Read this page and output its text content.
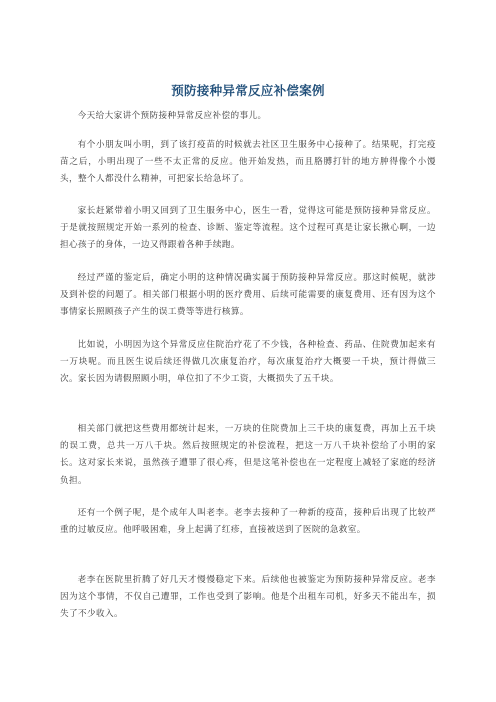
预防接种异常反应补偿案例

今天给大家讲个预防接种异常反应补偿的事儿。

有个小朋友叫小明，到了该打疫苗的时候就去社区卫生服务中心接种了。结果呢，打完疫苗之后，小明出现了一些不太正常的反应。他开始发热，而且胳膊打针的地方肿得像个小馒头，整个人都没什么精神，可把家长给急坏了。

家长赶紧带着小明又回到了卫生服务中心，医生一看，觉得这可能是预防接种异常反应。于是就按照规定开始一系列的检查、诊断、鉴定等流程。这个过程可真是让家长揪心啊，一边担心孩子的身体，一边又得跟着各种手续跑。

经过严谨的鉴定后，确定小明的这种情况确实属于预防接种异常反应。那这时候呢，就涉及到补偿的问题了。相关部门根据小明的医疗费用、后续可能需要的康复费用、还有因为这个事情家长照顾孩子产生的误工费等等进行核算。

比如说，小明因为这个异常反应住院治疗花了不少钱，各种检查、药品、住院费加起来有一万块呢。而且医生说后续还得做几次康复治疗，每次康复治疗大概要一千块，预计得做三次。家长因为请假照顾小明，单位扣了不少工资，大概损失了五千块。

相关部门就把这些费用都统计起来，一万块的住院费加上三千块的康复费，再加上五千块的误工费，总共一万八千块。然后按照规定的补偿流程，把这一万八千块补偿给了小明的家长。这对家长来说，虽然孩子遭罪了很心疼，但是这笔补偿也在一定程度上减轻了家庭的经济负担。

还有一个例子呢，是个成年人叫老李。老李去接种了一种新的疫苗，接种后出现了比较严重的过敏反应。他呼吸困难，身上起满了红疹，直接被送到了医院的急救室。

老李在医院里折腾了好几天才慢慢稳定下来。后续他也被鉴定为预防接种异常反应。老李因为这个事情，不仅自己遭罪，工作也受到了影响。他是个出租车司机，好多天不能出车，损失了不少收入。
